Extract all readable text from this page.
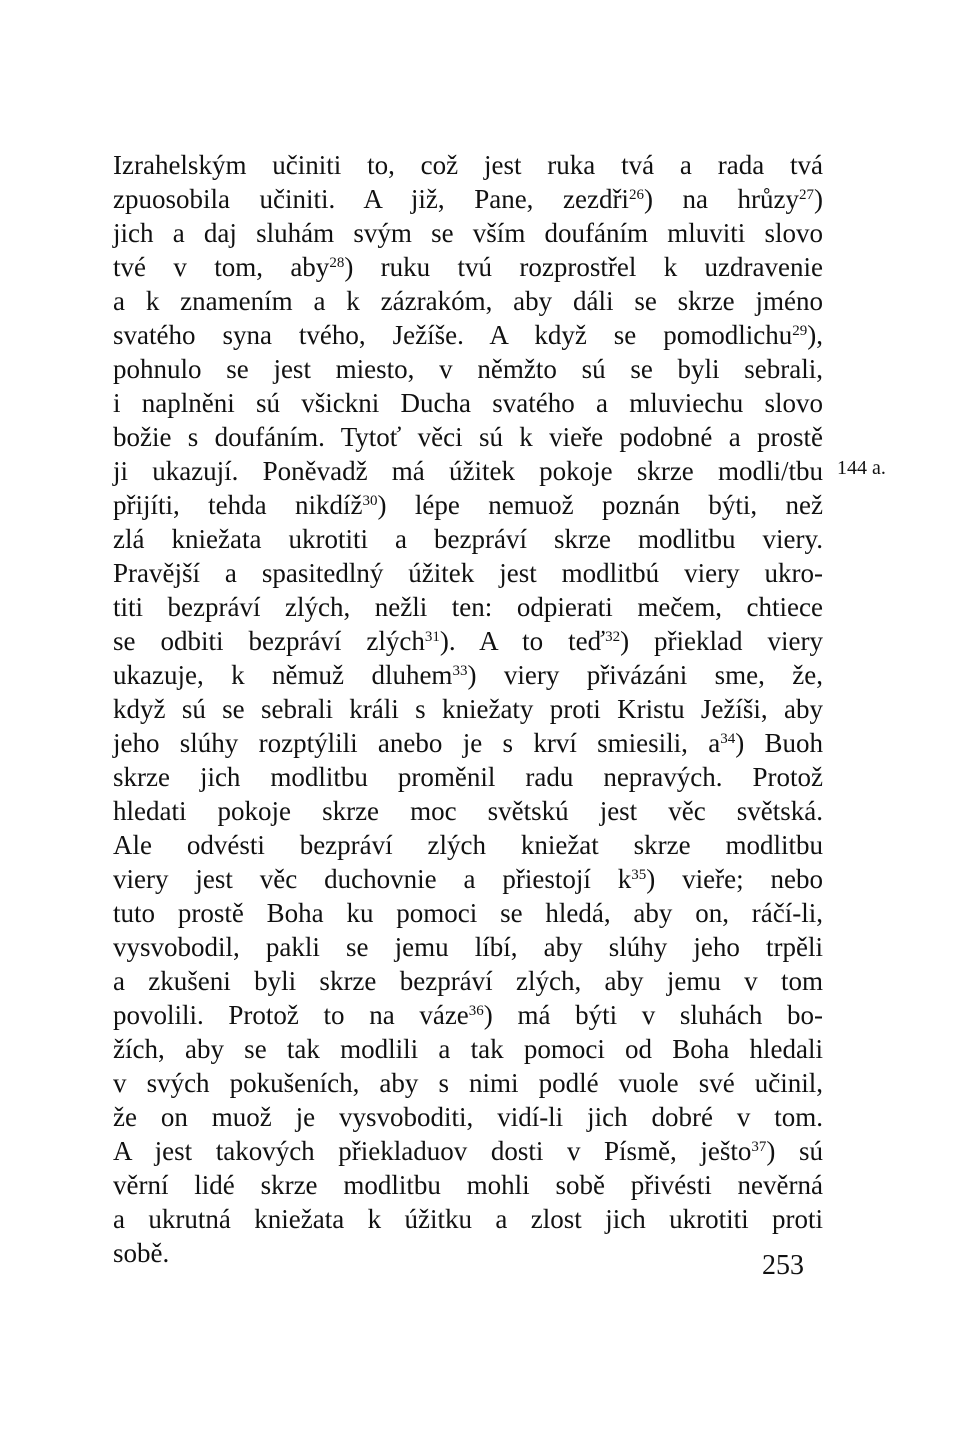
Izrahelským učiniti to, což jest ruka tvá a rada tvá
zpuosobila učiniti. A již, Pane, zezdři$^{26}$) na hrůzy$^{27}$)
jich a daj sluhám svým se vším doufáním mluviti slovo
tvé v tom, aby$^{28}$) ruku tvú rozprostřel k uzdravenie
a k znamením a k zázrakóm, aby dáli se skrze jméno
svatého syna tvého, Ježíše. A když se pomodlichu$^{29}$),
pohnulo se jest miesto, v němžto sú se byli sebrali,
i naplněni sú všickni Ducha svatého a mluviechu slovo
božie s doufáním. Tytoť věci sú k vieře podobné a prostě
ji ukazují. Poněvadž má úžitek pokoje skrze modli/tbu
přijíti, tehda nikdíž$^{30}$) lépe nemuož poznán býti, než
zlá kniežata ukrotiti a bezpráví skrze modlitbu viery.
Pravější a spasitedlný úžitek jest modlitbú viery ukro-
titi bezpráví zlých, nežli ten: odpierati mečem, chtiece
se odbiti bezpráví zlých$^{31}$). A to teď$^{32}$) přieklad viery
ukazuje, k němuž dluhem$^{33}$) viery přivázáni sme, že,
když sú se sebrali králi s kniežaty proti Kristu Ježíši, aby
jeho slúhy rozptýlili anebo je s krví smiesili, $a^{34}$) Buoh
skrze jich modlitbu proměnil radu nepravých. Protož
hledati pokoje skrze moc světskú jest věc světská.
Ale odvésti bezpráví zlých kniežat skrze modlitbu
viery jest věc duchovnie a přiestojí $k^{35}$) vieře; nebo
tuto prostě Boha ku pomoci se hledá, aby on, ráčí-li,
vysvobodil, pakli se jemu líbí, aby slúhy jeho trpěli
a zkušeni byli skrze bezpráví zlých, aby jemu v tom
povolili. Protož to na váze$^{36}$) má býti v sluhách bo-
žích, aby se tak modlili a tak pomoci od Boha hledali
v svých pokušeních, aby s nimi podlé vuole své učinil,
že on muož je vysvoboditi, vidí-li jich dobré v tom.
A jest takových přiekladuov dosti v Písmě, ješto$^{37}$) sú
věrní lidé skrze modlitbu mohli sobě přivésti nevěrná
a ukrutná kniežata k úžitku a zlost jich ukrotiti proti
sobě.
144 a.
253
